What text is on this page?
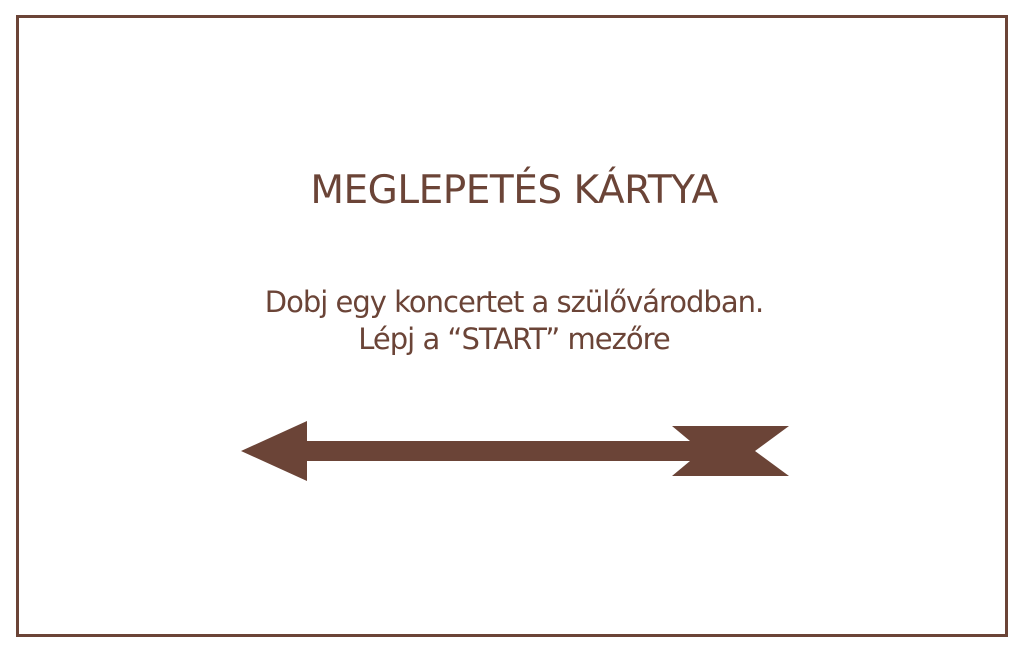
MEGLEPETÉS KÁRTYA
Dobj egy koncertet a szülővárodban.
Lépj a “START” mezőre
